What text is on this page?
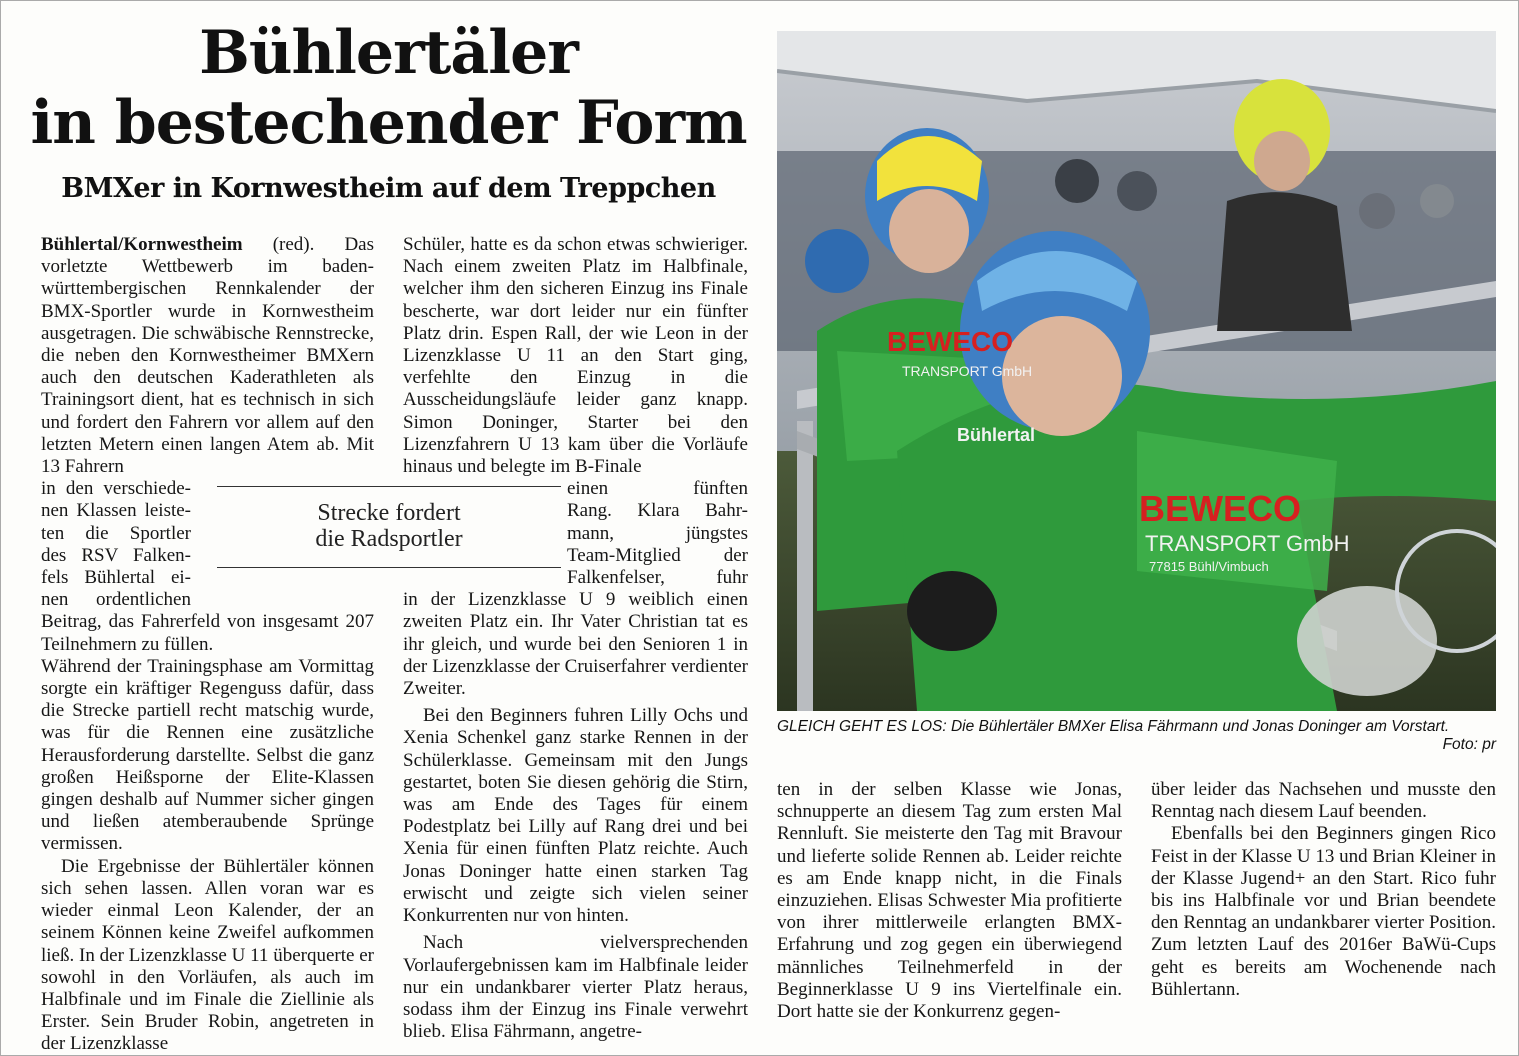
Bühlertäler
in bestechender Form
BMXer in Kornwestheim auf dem Treppchen

Bühlertal/Kornwestheim (red). Das vorletzte Wettbewerb im baden-württembergischen Rennkalender der BMX-Sportler wurde in Kornwestheim ausgetragen. Die schwäbische Rennstrecke, die neben den Kornwestheimer BMXern auch den deutschen Kaderathleten als Trainingsort dient, hat es technisch in sich und fordert den Fahrern vor allem auf den letzten Metern einen langen Atem ab. Mit 13 Fahrern

in den verschiede-
nen Klassen leiste-
ten die Sportler
des RSV Falken-
fels Bühlertal ei-
nen ordentlichen

Beitrag, das Fahrerfeld von insgesamt 207 Teilnehmern zu füllen.

Während der Trainingsphase am Vormittag sorgte ein kräftiger Regenguss dafür, dass die Strecke partiell recht matschig wurde, was für die Rennen eine zusätzliche Herausforderung darstellte. Selbst die ganz großen Heißsporne der Elite-Klassen gingen deshalb auf Nummer sicher gingen und ließen atemberaubende Sprünge vermissen.

Die Ergebnisse der Bühlertäler können sich sehen lassen. Allen voran war es wieder einmal Leon Kalender, der an seinem Können keine Zweifel aufkommen ließ. In der Lizenzklasse U 11 überquerte er sowohl in den Vorläufen, als auch im Halbfinale und im Finale die Ziellinie als Erster. Sein Bruder Robin, angetreten in der Lizenzklasse

Strecke fordert
die Radsportler

Schüler, hatte es da schon etwas schwieriger. Nach einem zweiten Platz im Halbfinale, welcher ihm den sicheren Einzug ins Finale bescherte, war dort leider nur ein fünfter Platz drin. Espen Rall, der wie Leon in der Lizenzklasse U 11 an den Start ging, verfehlte den Einzug in die Ausscheidungsläufe leider ganz knapp. Simon Doninger, Starter bei den Lizenzfahrern U 13 kam über die Vorläufe hinaus und belegte im B-Finale

einen fünften
Rang. Klara Bahr-
mann, jüngstes
Team-Mitglied der
Falkenfelser, fuhr

in der Lizenzklasse U 9 weiblich einen zweiten Platz ein. Ihr Vater Christian tat es ihr gleich, und wurde bei den Senioren 1 in der Lizenzklasse der Cruiserfahrer verdienter Zweiter.

Bei den Beginners fuhren Lilly Ochs und Xenia Schenkel ganz starke Rennen in der Schülerklasse. Gemeinsam mit den Jungs gestartet, boten Sie diesen gehörig die Stirn, was am Ende des Tages für einem Podestplatz bei Lilly auf Rang drei und bei Xenia für einen fünften Platz reichte. Auch Jonas Doninger hatte einen starken Tag erwischt und zeigte sich vielen seiner Konkurrenten nur von hinten.

Nach vielversprechenden Vorlaufergebnissen kam im Halbfinale leider nur ein undankbarer vierter Platz heraus, sodass ihm der Einzug ins Finale verwehrt blieb. Elisa Fährmann, angetre-

BEWECO
TRANSPORT GmbH
Bühlertal
BEWECO
TRANSPORT GmbH
77815 Bühl/Vimbuch
GLEICH GEHT ES LOS: Die Bühlertäler BMXer Elisa Fährmann und Jonas Doninger am Vorstart.
Foto: pr

ten in der selben Klasse wie Jonas, schnupperte an diesem Tag zum ersten Mal Rennluft. Sie meisterte den Tag mit Bravour und lieferte solide Rennen ab. Leider reichte es am Ende knapp nicht, in die Finals einzuziehen. Elisas Schwester Mia profitierte von ihrer mittlerweile erlangten BMX-Erfahrung und zog gegen ein überwiegend männliches Teilnehmerfeld in der Beginnerklasse U 9 ins Viertelfinale ein. Dort hatte sie der Konkurrenz gegen-

über leider das Nachsehen und musste den Renntag nach diesem Lauf beenden.

Ebenfalls bei den Beginners gingen Rico Feist in der Klasse U 13 und Brian Kleiner in der Klasse Jugend+ an den Start. Rico fuhr bis ins Halbfinale vor und Brian beendete den Renntag an undankbarer vierter Position. Zum letzten Lauf des 2016er BaWü-Cups geht es bereits am Wochenende nach Bühlertann.
